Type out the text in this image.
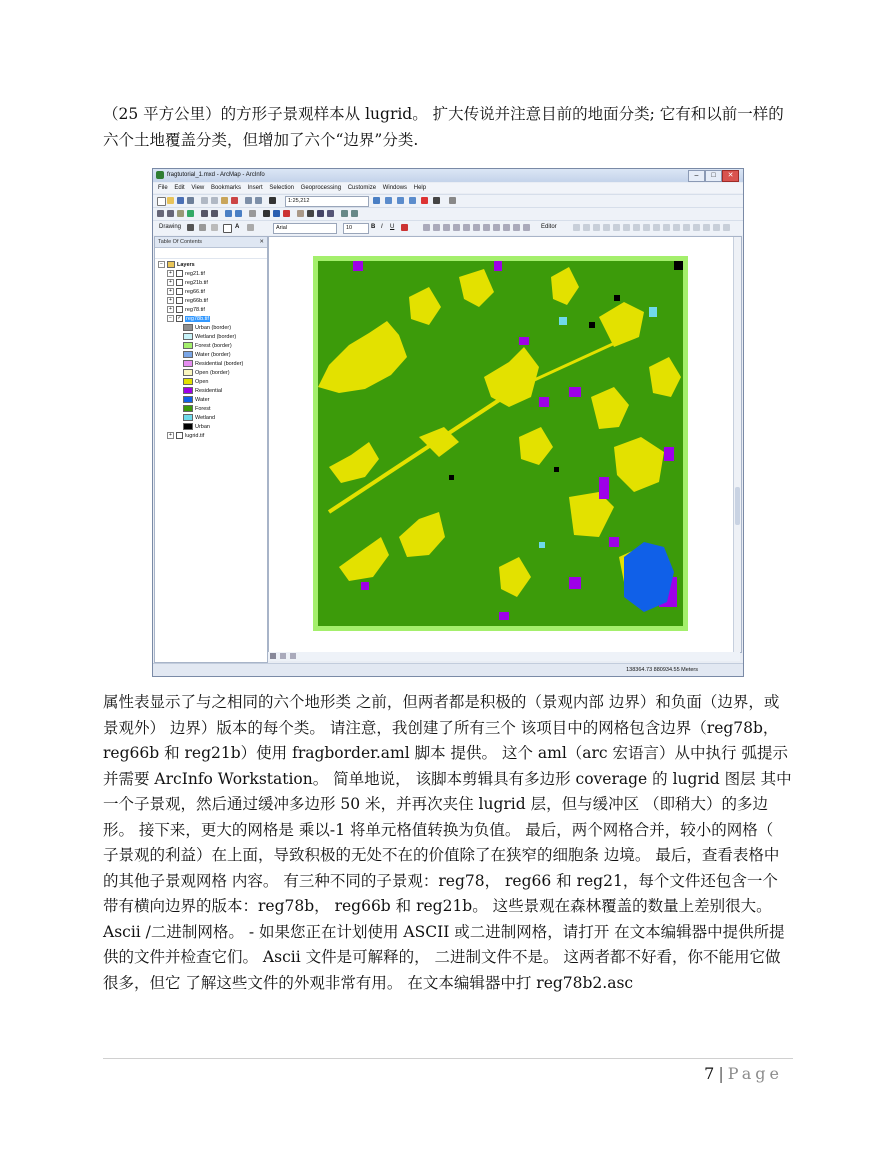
（25 平方公里）的方形子景观样本从 lugrid。 扩大传说并注意目前的地面分类; 它有和以前一样的六个土地覆盖分类，但增加了六个“边界”分类.
fragtutorial_1.mxd - ArcMap - ArcInfo	–	□	✕
File Edit View Bookmarks Insert Selection Geoprocessing Customize Windows Help
1:25,212
Drawing	A	Arial	10	B I U	Editor
Table Of Contents	✕
−	Layers
+ reg21.tif
+ reg21b.tif
+ reg66.tif
+ reg66b.tif
+ reg78.tif
− ✓ reg78b.tif
Urban (border)
Wetland (border)
Forest (border)
Water (border)
Residential (border)
Open (border)
Open
Residential
Water
Forest
Wetland
Urban
+ lugrid.tif
138364.73 880934.55 Meters
属性表显示了与之相同的六个地形类 之前，但两者都是积极的（景观内部 边界）和负面（边界，或景观外） 边界）版本的每个类。 请注意，我创建了所有三个 该项目中的网格包含边界（reg78b， reg66b 和 reg21b）使用 fragborder.aml 脚本 提供。 这个 aml（arc 宏语言）从中执行 弧提示并需要 ArcInfo Workstation。 简单地说， 该脚本剪辑具有多边形 coverage 的 lugrid 图层 其中一个子景观，然后通过缓冲多边形 50 米，并再次夹住 lugrid 层，但与缓冲区 （即稍大）的多边形。 接下来，更大的网格是 乘以-1 将单元格值转换为负值。 最后，两个网格合并，较小的网格（ 子景观的利益）在上面，导致积极的无处不在的价值除了在狭窄的细胞条 边境。 最后，查看表格中的其他子景观网格 内容。 有三种不同的子景观：reg78， reg66 和 reg21，每个文件还包含一个带有横向边界的版本：reg78b， reg66b 和 reg21b。 这些景观在森林覆盖的数量上差别很大。 Ascii /二进制网格。 - 如果您正在计划使用 ASCII 或二进制网格，请打开 在文本编辑器中提供所提供的文件并检查它们。 Ascii 文件是可解释的， 二进制文件不是。 这两者都不好看，你不能用它做很多，但它 了解这些文件的外观非常有用。 在文本编辑器中打 reg78b2.asc
7 | Page
